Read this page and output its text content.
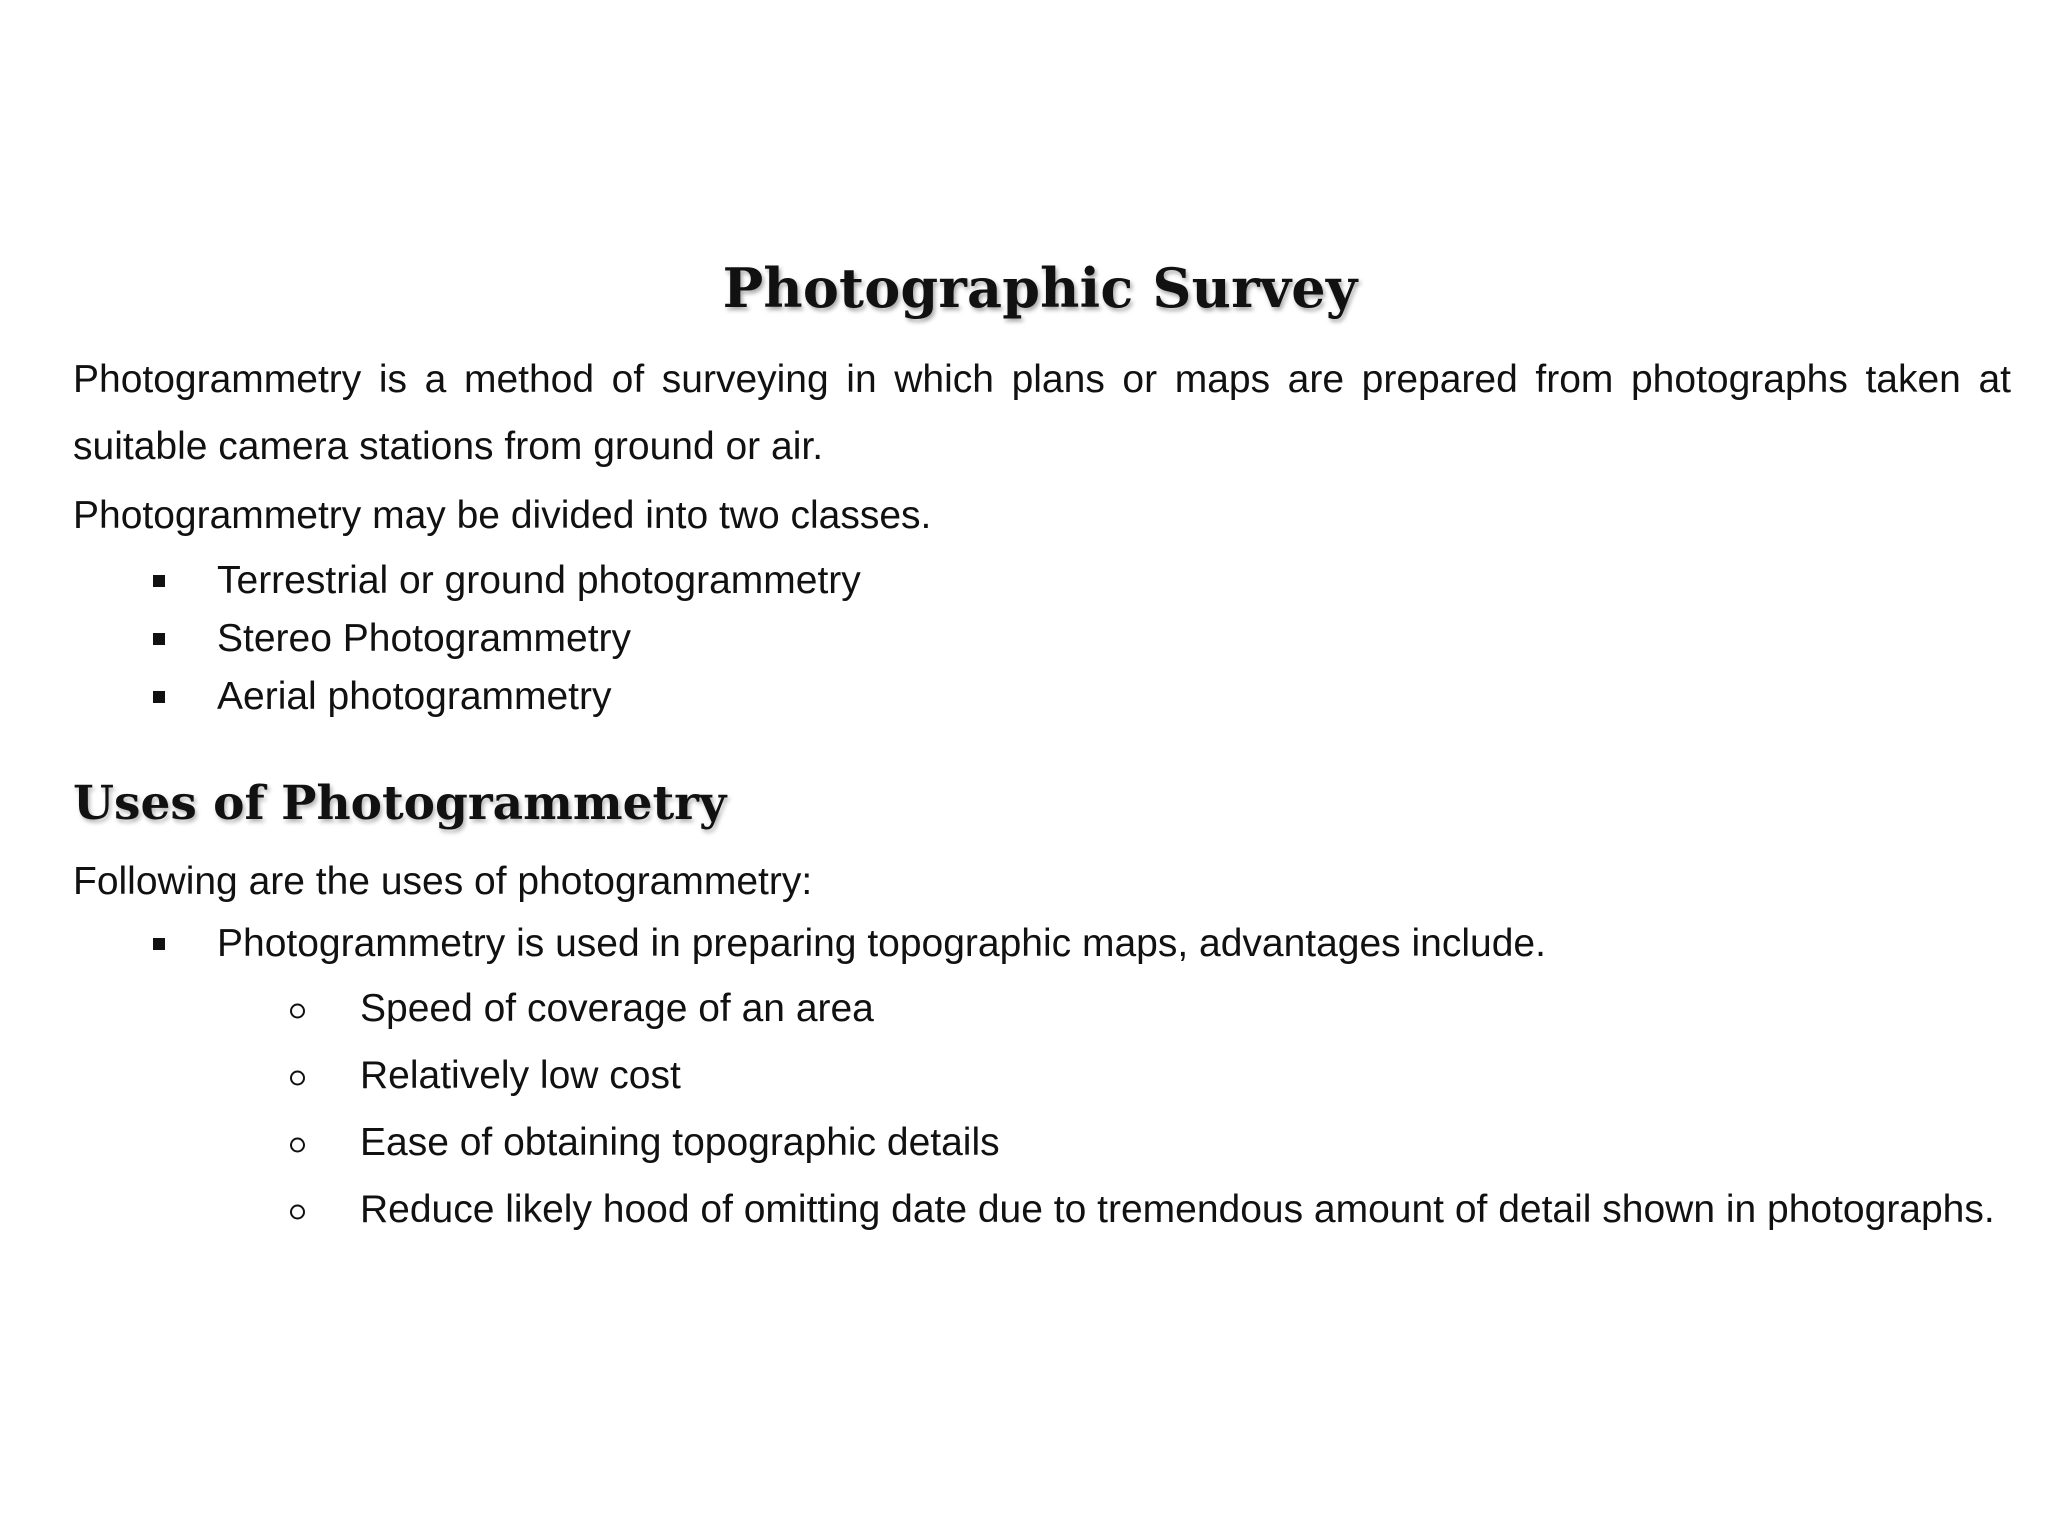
Photographic Survey

Photogrammetry is a method of surveying in which plans or maps are prepared from photographs taken at suitable camera stations from ground or air.

Photogrammetry may be divided into two classes.

Terrestrial or ground photogrammetry
Stereo Photogrammetry
Aerial photogrammetry
Uses of Photogrammetry

Following are the uses of photogrammetry:

Photogrammetry is used in preparing topographic maps, advantages include.
Speed of coverage of an area
Relatively low cost
Ease of obtaining topographic details
Reduce likely hood of omitting date due to tremendous amount of detail shown in photographs.
